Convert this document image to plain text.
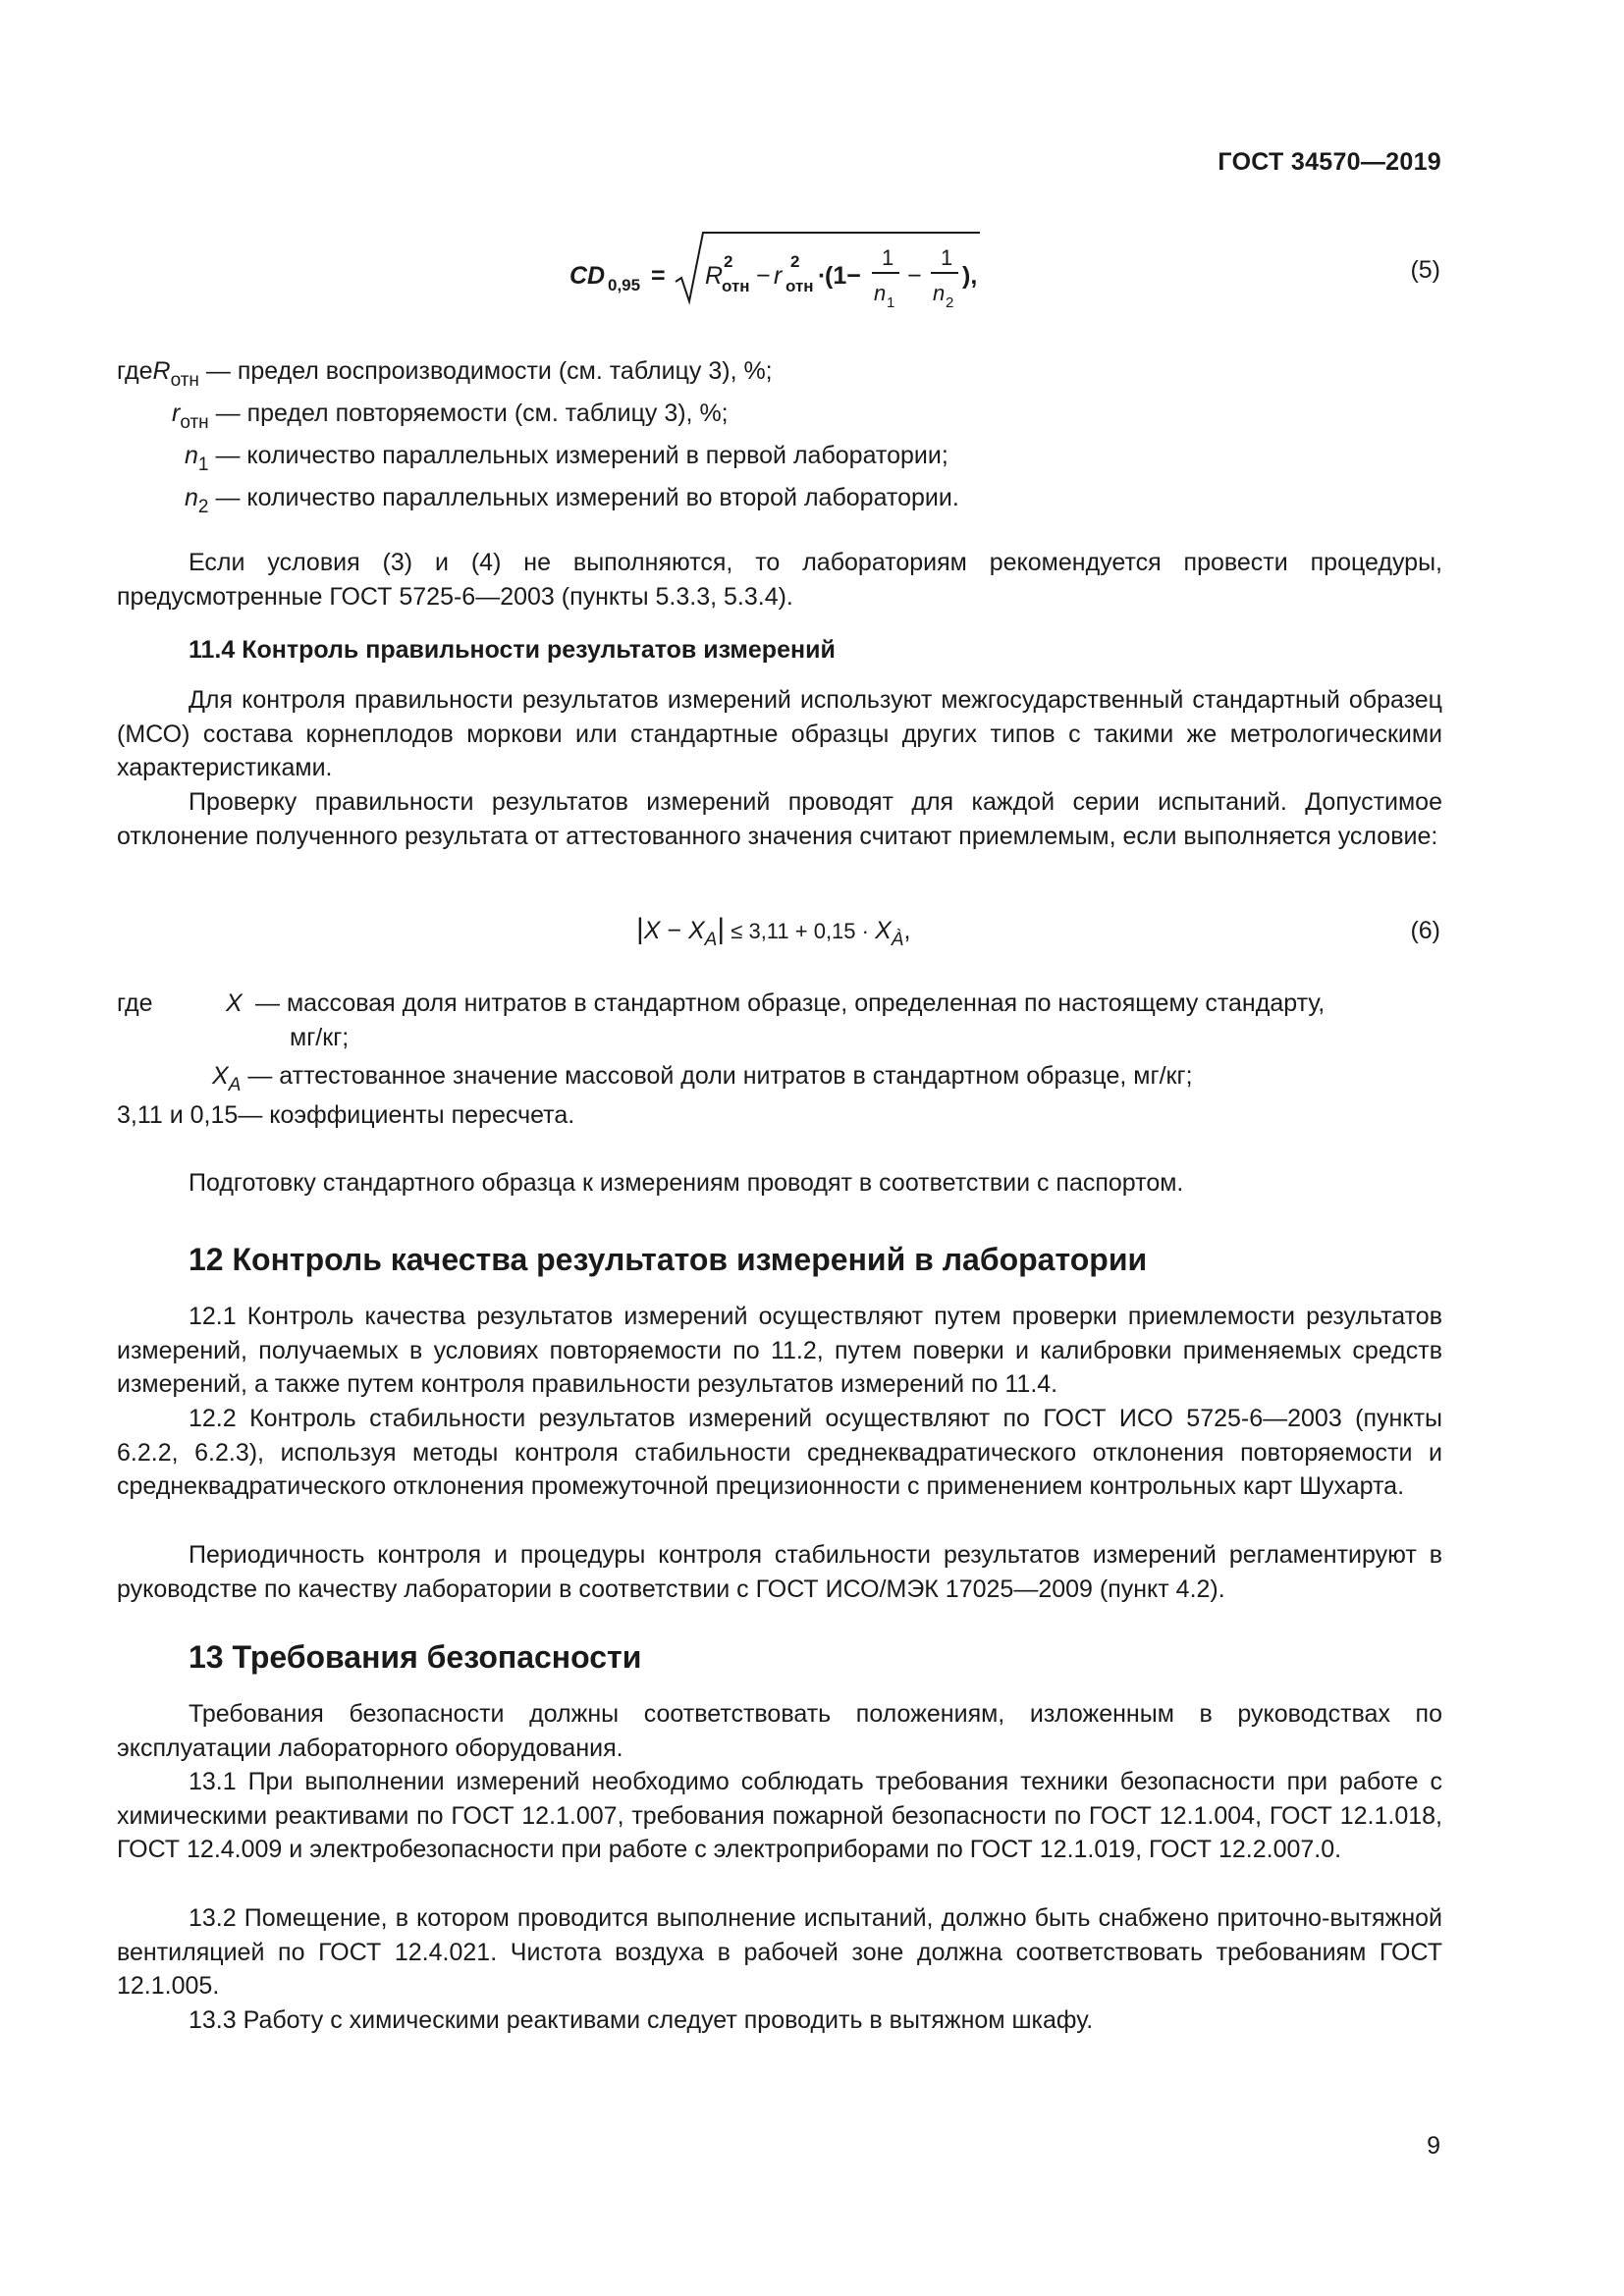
ГОСТ 34570—2019
CD 0,95 = R
2
отн − r
2
отн ·
(1−
1
n 1
−
1
n 2
),	(5)
гдеR$_{отн}$ — предел воспроизводимости (см. таблицу 3), %;
$r_{отн}$ — предел повторяемости (см. таблицу 3), %;
$n_1$ — количество параллельных измерений в первой лаборатории;
$n_2$ — количество параллельных измерений во второй лаборатории.

Если условия (3) и (4) не выполняются, то лабораториям рекомендуется провести процедуры, предусмотренные ГОСТ 5725-6—2003 (пункты 5.3.3, 5.3.4).

11.4 Контроль правильности результатов измерений

Для контроля правильности результатов измерений используют межгосударственный стандартный образец (МСО) состава корнеплодов моркови или стандартные образцы других типов с такими же метрологическими характеристиками.

Проверку правильности результатов измерений проводят для каждой серии испытаний. Допустимое отклонение полученного результата от аттестованного значения считают приемлемым, если выполняется условие:

$|X - X_A| \le 3,11 + 0,15 \cdot X_À$,	(6)
где	X — массовая доля нитратов в стандартном образце, определенная по настоящему стандарту,
мг/кг;
$X_A$ — аттестованное значение массовой доли нитратов в стандартном образце, мг/кг;
3,11 и 0,15— коэффициенты пересчета.

Подготовку стандартного образца к измерениям проводят в соответствии с паспортом.

12 Контроль качества результатов измерений в лаборатории

12.1 Контроль качества результатов измерений осуществляют путем проверки приемлемости результатов измерений, получаемых в условиях повторяемости по 11.2, путем поверки и калибровки применяемых средств измерений, а также путем контроля правильности результатов измерений по 11.4.

12.2 Контроль стабильности результатов измерений осуществляют по ГОСТ ИСО 5725-6—2003 (пункты 6.2.2, 6.2.3), используя методы контроля стабильности среднеквадратического отклонения повторяемости и среднеквадратического отклонения промежуточной прецизионности с применением контрольных карт Шухарта.

Периодичность контроля и процедуры контроля стабильности результатов измерений регламентируют в руководстве по качеству лаборатории в соответствии с ГОСТ ИСО/МЭК 17025—2009 (пункт 4.2).

13 Требования безопасности

Требования безопасности должны соответствовать положениям, изложенным в руководствах по эксплуатации лабораторного оборудования.

13.1 При выполнении измерений необходимо соблюдать требования техники безопасности при работе с химическими реактивами по ГОСТ 12.1.007, требования пожарной безопасности по ГОСТ 12.1.004, ГОСТ 12.1.018, ГОСТ 12.4.009 и электробезопасности при работе с электроприборами по ГОСТ 12.1.019, ГОСТ 12.2.007.0.

13.2 Помещение, в котором проводится выполнение испытаний, должно быть снабжено приточно-вытяжной вентиляцией по ГОСТ 12.4.021. Чистота воздуха в рабочей зоне должна соответствовать требованиям ГОСТ 12.1.005.

13.3 Работу с химическими реактивами следует проводить в вытяжном шкафу.

9
